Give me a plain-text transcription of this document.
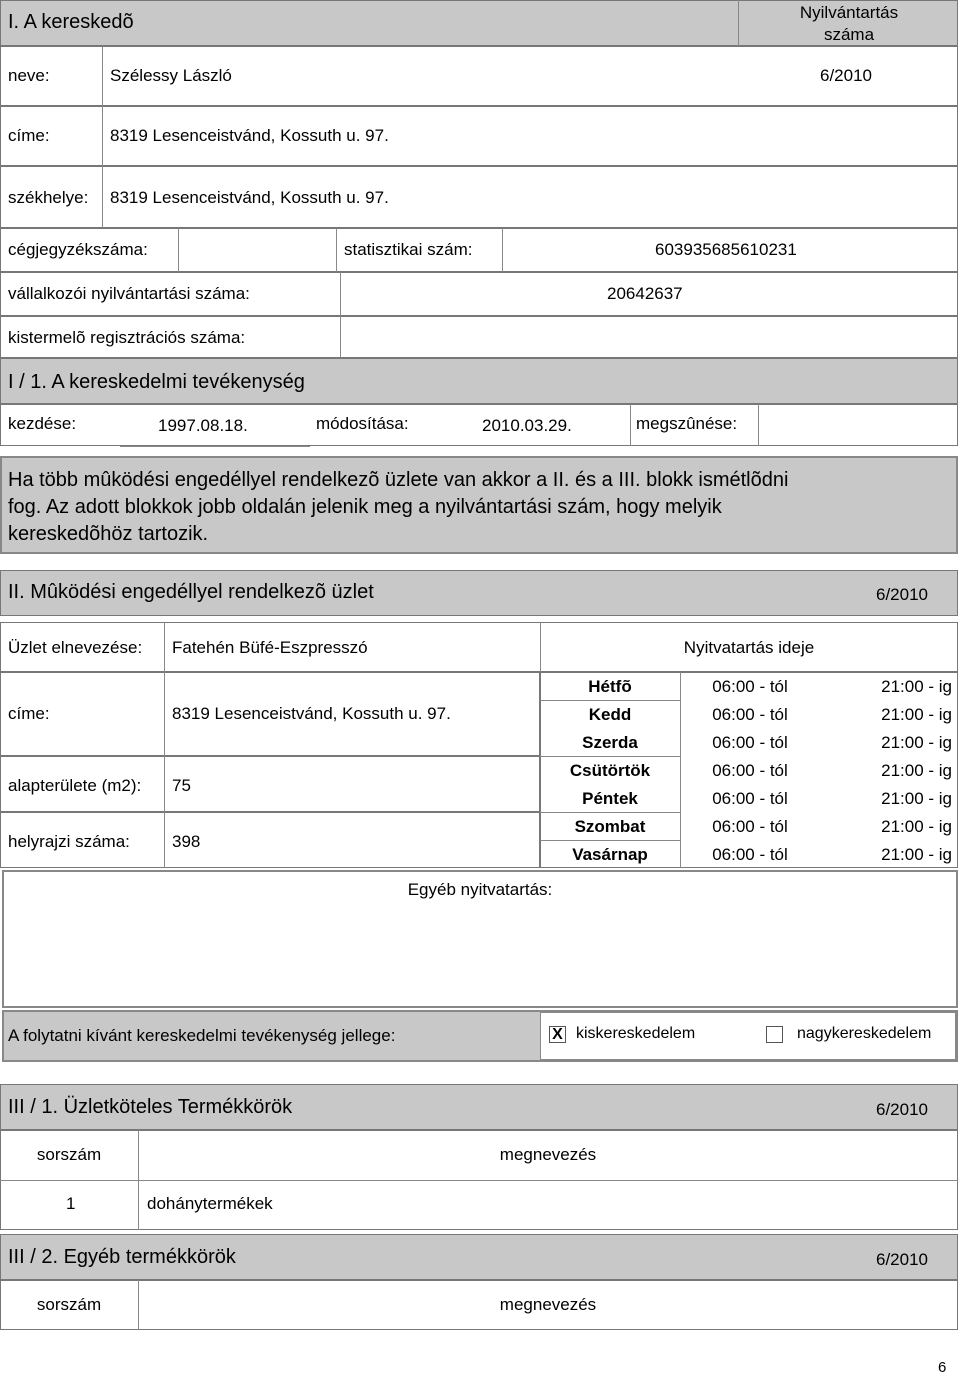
I. A kereskedõ	Nyilvántartás
száma
neve:	Szélessy László	6/2010
címe:	8319 Lesenceistvánd, Kossuth u. 97.
székhelye: 8319 Lesenceistvánd, Kossuth u. 97.
cégjegyzékszáma:	statisztikai szám:	603935685610231
vállalkozói nyilvántartási száma:	20642637
kistermelõ regisztrációs száma:
I / 1. A kereskedelmi tevékenység
kezdése:	1997.08.18.	módosítása:	2010.03.29.	megszûnése:
Ha több mûködési engedéllyel rendelkezõ üzlete van akkor a II. és a III. blokk ismétlõdni
fog. Az adott blokkok jobb oldalán jelenik meg a nyilvántartási szám, hogy melyik
kereskedõhöz tartozik.
II. Mûködési engedéllyel rendelkezõ üzlet	6/2010
Üzlet elnevezése: Fatehén Büfé-Eszpresszó	Nyitvatartás ideje
címe:	8319 Lesenceistvánd, Kossuth u. 97.
alapterülete (m2): 75
helyrajzi száma: 398
Hétfõ	06:00 - tól	21:00 - ig
Kedd	06:00 - tól	21:00 - ig
Szerda	06:00 - tól	21:00 - ig
Csütörtök	06:00 - tól	21:00 - ig
Péntek	06:00 - tól	21:00 - ig
Szombat	06:00 - tól	21:00 - ig
Vasárnap	06:00 - tól	21:00 - ig
Egyéb nyitvatartás:
A folytatni kívánt kereskedelmi tevékenység jellege:	X kiskereskedelem	nagykereskedelem
III / 1. Üzletköteles Termékkörök	6/2010
sorszám	megnevezés
1	dohánytermékek
III / 2. Egyéb termékkörök	6/2010
sorszám	megnevezés
6
